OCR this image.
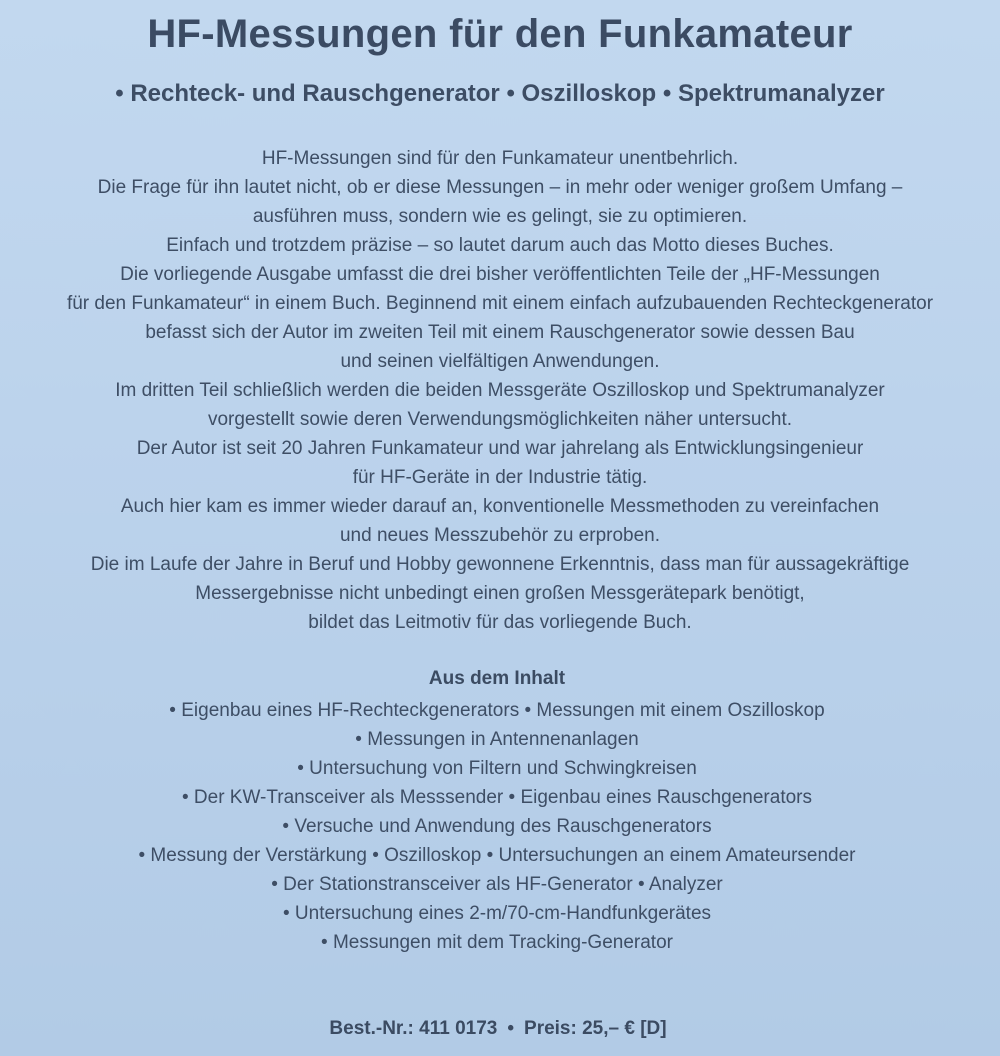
HF-Messungen für den Funkamateur
• Rechteck- und Rauschgenerator • Oszilloskop • Spektrumanalyzer
HF-Messungen sind für den Funkamateur unentbehrlich.
Die Frage für ihn lautet nicht, ob er diese Messungen – in mehr oder weniger großem Umfang –
ausführen muss, sondern wie es gelingt, sie zu optimieren.
Einfach und trotzdem präzise – so lautet darum auch das Motto dieses Buches.
Die vorliegende Ausgabe umfasst die drei bisher veröffentlichten Teile der „HF-Messungen
für den Funkamateur“ in einem Buch. Beginnend mit einem einfach aufzubauenden Rechteckgenerator
befasst sich der Autor im zweiten Teil mit einem Rauschgenerator sowie dessen Bau
und seinen vielfältigen Anwendungen.
Im dritten Teil schließlich werden die beiden Messgeräte Oszilloskop und Spektrumanalyzer
vorgestellt sowie deren Verwendungsmöglichkeiten näher untersucht.
Der Autor ist seit 20 Jahren Funkamateur und war jahrelang als Entwicklungsingenieur
für HF-Geräte in der Industrie tätig.
Auch hier kam es immer wieder darauf an, konventionelle Messmethoden zu vereinfachen
und neues Messzubehör zu erproben.
Die im Laufe der Jahre in Beruf und Hobby gewonnene Erkenntnis, dass man für aussagekräftige
Messergebnisse nicht unbedingt einen großen Messgerätepark benötigt,
bildet das Leitmotiv für das vorliegende Buch.
Aus dem Inhalt
• Eigenbau eines HF-Rechteckgenerators • Messungen mit einem Oszilloskop
• Messungen in Antennenanlagen
• Untersuchung von Filtern und Schwingkreisen
• Der KW-Transceiver als Messsender • Eigenbau eines Rauschgenerators
• Versuche und Anwendung des Rauschgenerators
• Messung der Verstärkung • Oszilloskop • Untersuchungen an einem Amateursender
• Der Stationstransceiver als HF-Generator • Analyzer
• Untersuchung eines 2-m/70-cm-Handfunkgerätes
• Messungen mit dem Tracking-Generator
Best.-Nr.: 411 0173 • Preis: 25,– € [D]
